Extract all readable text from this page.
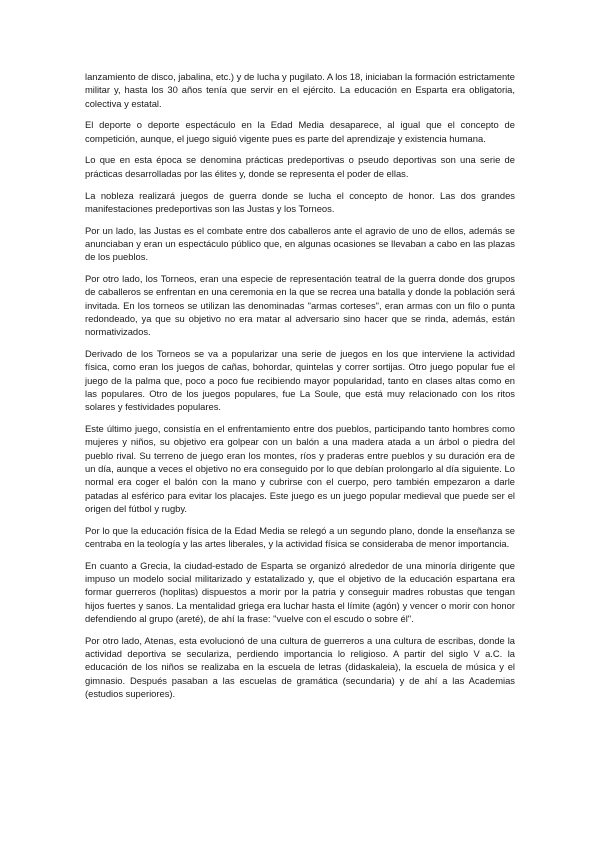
lanzamiento de disco, jabalina, etc.) y de lucha y pugilato. A los 18, iniciaban la formación estrictamente militar y, hasta los 30 años tenía que servir en el ejército. La educación en Esparta era obligatoria, colectiva y estatal.

El deporte o deporte espectáculo en la Edad Media desaparece, al igual que el concepto de competición, aunque, el juego siguió vigente pues es parte del aprendizaje y existencia humana.

Lo que en esta época se denomina prácticas predeportivas o pseudo deportivas son una serie de prácticas desarrolladas por las élites y, donde se representa el poder de ellas.

La nobleza realizará juegos de guerra donde se lucha el concepto de honor. Las dos grandes manifestaciones predeportivas son las Justas y los Torneos.

Por un lado, las Justas es el combate entre dos caballeros ante el agravio de uno de ellos, además se anunciaban y eran un espectáculo público que, en algunas ocasiones se llevaban a cabo en las plazas de los pueblos.

Por otro lado, los Torneos, eran una especie de representación teatral de la guerra donde dos grupos de caballeros se enfrentan en una ceremonia en la que se recrea una batalla y donde la población será invitada. En los torneos se utilizan las denominadas "armas corteses", eran armas con un filo o punta redondeado, ya que su objetivo no era matar al adversario sino hacer que se rinda, además, están normativizados.

Derivado de los Torneos se va a popularizar una serie de juegos en los que interviene la actividad física, como eran los juegos de cañas, bohordar, quintelas y correr sortijas. Otro juego popular fue el juego de la palma que, poco a poco fue recibiendo mayor popularidad, tanto en clases altas como en las populares. Otro de los juegos populares, fue La Soule, que está muy relacionado con los ritos solares y festividades populares.

Este último juego, consistía en el enfrentamiento entre dos pueblos, participando tanto hombres como mujeres y niños, su objetivo era golpear con un balón a una madera atada a un árbol o piedra del pueblo rival. Su terreno de juego eran los montes, ríos y praderas entre pueblos y su duración era de un día, aunque a veces el objetivo no era conseguido por lo que debían prolongarlo al día siguiente. Lo normal era coger el balón con la mano y cubrirse con el cuerpo, pero también empezaron a darle patadas al esférico para evitar los placajes. Este juego es un juego popular medieval que puede ser el origen del fútbol y rugby.

Por lo que la educación física de la Edad Media se relegó a un segundo plano, donde la enseñanza se centraba en la teología y las artes liberales, y la actividad física se consideraba de menor importancia.

En cuanto a Grecia, la ciudad-estado de Esparta se organizó alrededor de una minoría dirigente que impuso un modelo social militarizado y estatalizado y, que el objetivo de la educación espartana era formar guerreros (hoplitas) dispuestos a morir por la patria y conseguir madres robustas que tengan hijos fuertes y sanos. La mentalidad griega era luchar hasta el límite (agón) y vencer o morir con honor defendiendo al grupo (areté), de ahí la frase: "vuelve con el escudo o sobre él".

Por otro lado, Atenas, esta evolucionó de una cultura de guerreros a una cultura de escribas, donde la actividad deportiva se seculariza, perdiendo importancia lo religioso. A partir del siglo V a.C. la educación de los niños se realizaba en la escuela de letras (didaskaleia), la escuela de música y el gimnasio. Después pasaban a las escuelas de gramática (secundaria) y de ahí a las Academias (estudios superiores).
